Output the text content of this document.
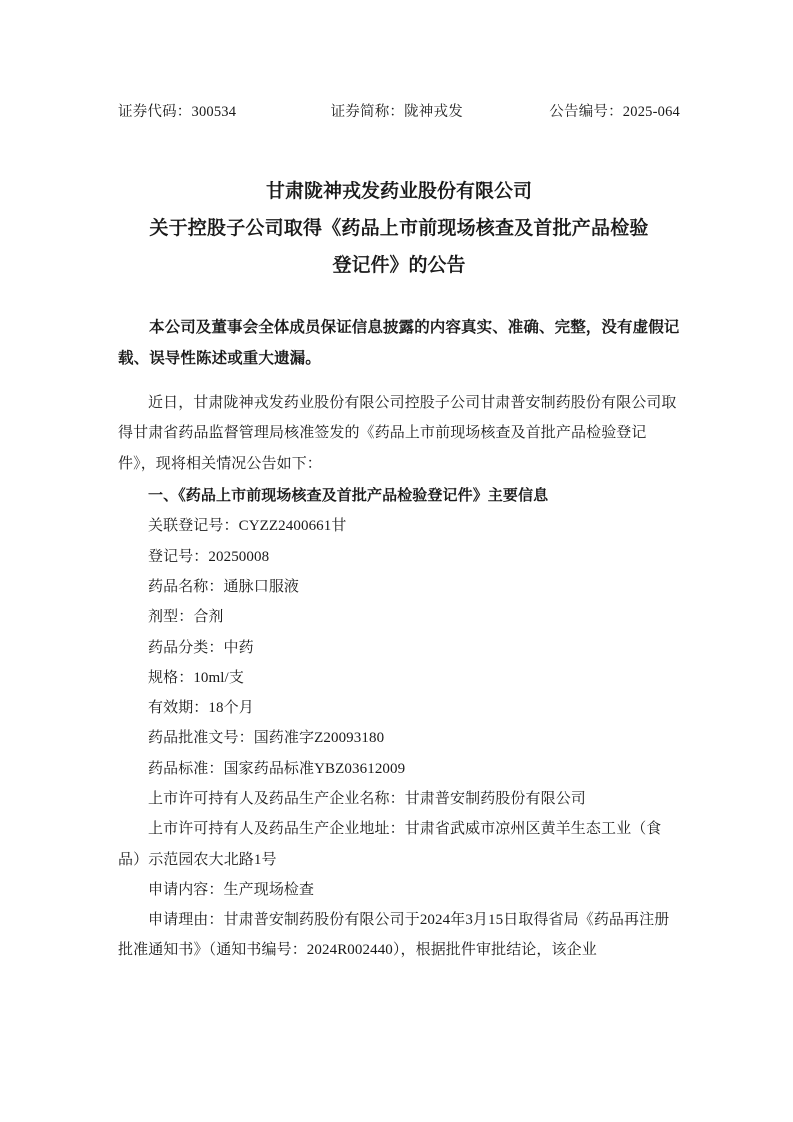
证券代码：300534	证券简称：陇神戎发	公告编号：2025-064
甘肃陇神戎发药业股份有限公司
关于控股子公司取得《药品上市前现场核查及首批产品检验
登记件》的公告

本公司及董事会全体成员保证信息披露的内容真实、准确、完整，没有虚假记载、误导性陈述或重大遗漏。

近日，甘肃陇神戎发药业股份有限公司控股子公司甘肃普安制药股份有限公司取得甘肃省药品监督管理局核准签发的《药品上市前现场核查及首批产品检验登记件》，现将相关情况公告如下：

一、《药品上市前现场核查及首批产品检验登记件》主要信息

关联登记号：CYZZ2400661甘

登记号：20250008

药品名称：通脉口服液

剂型：合剂

药品分类：中药

规格：10ml/支

有效期：18个月

药品批准文号：国药准字Z20093180

药品标准：国家药品标准YBZ03612009

上市许可持有人及药品生产企业名称：甘肃普安制药股份有限公司

上市许可持有人及药品生产企业地址：甘肃省武威市凉州区黄羊生态工业（食品）示范园农大北路1号

申请内容：生产现场检查

申请理由：甘肃普安制药股份有限公司于2024年3月15日取得省局《药品再注册批准通知书》（通知书编号：2024R002440），根据批件审批结论，该企业
